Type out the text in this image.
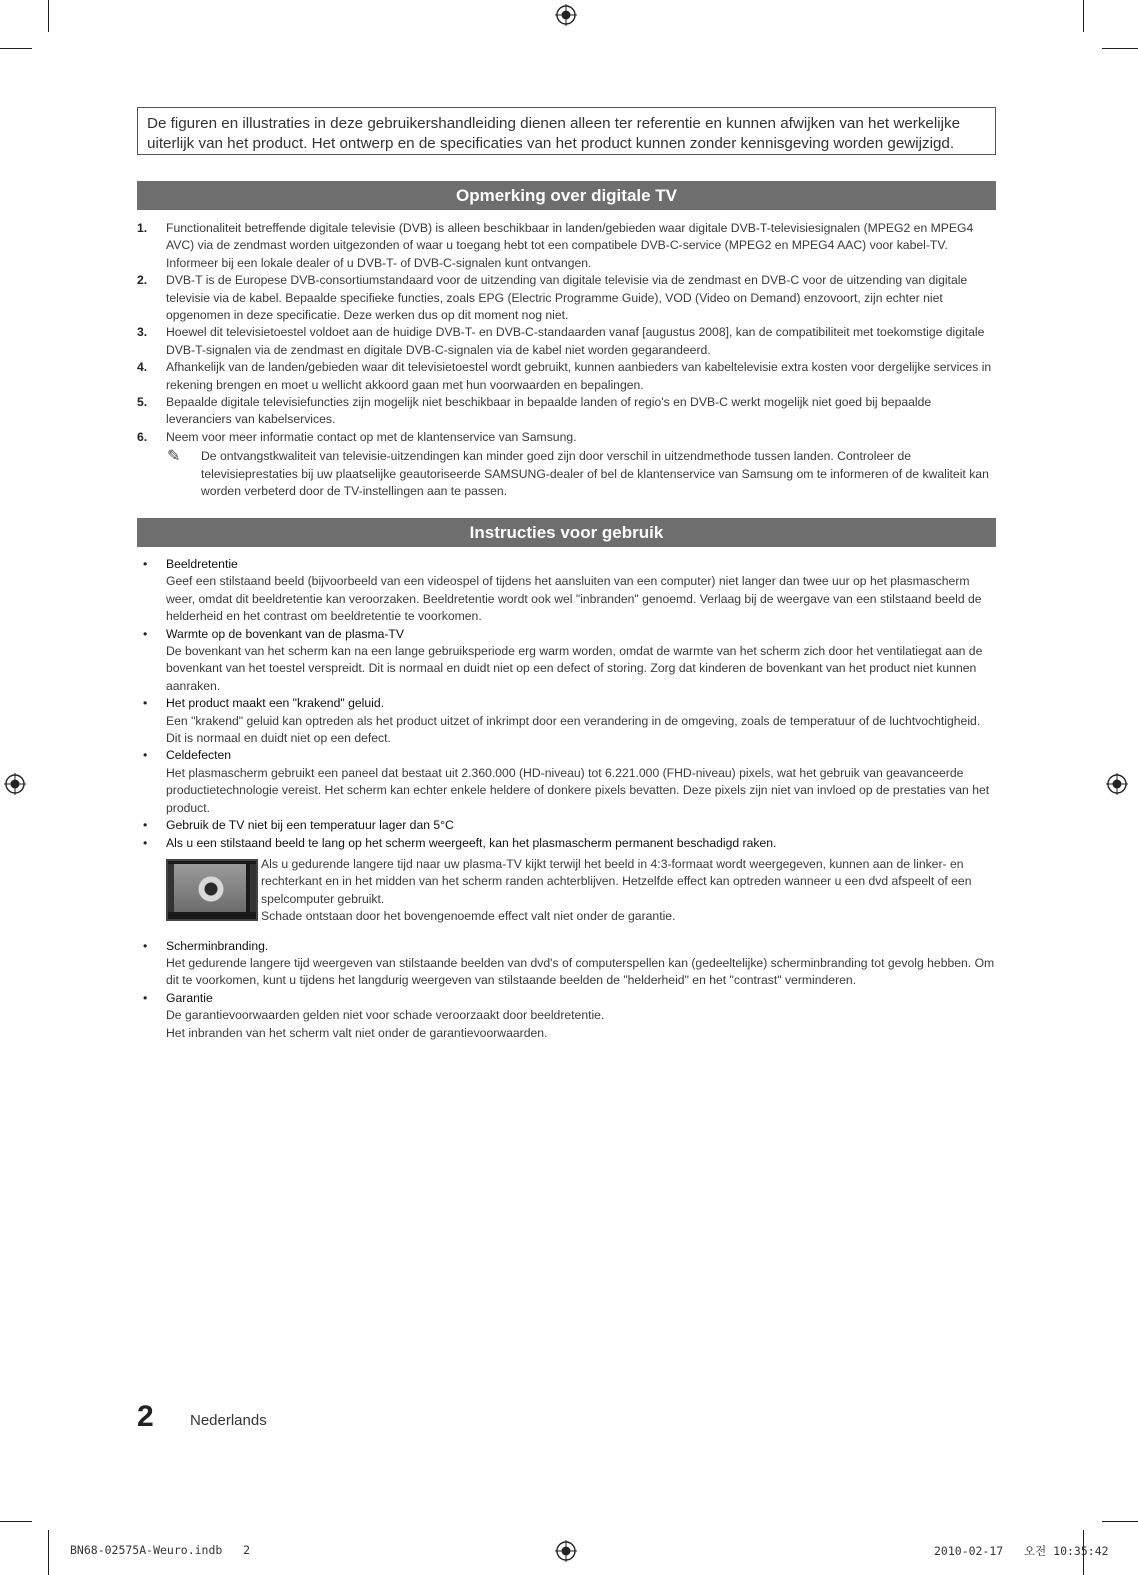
De figuren en illustraties in deze gebruikershandleiding dienen alleen ter referentie en kunnen afwijken van het werkelijke uiterlijk van het product. Het ontwerp en de specificaties van het product kunnen zonder kennisgeving worden gewijzigd.
Opmerking over digitale TV
1. Functionaliteit betreffende digitale televisie (DVB) is alleen beschikbaar in landen/gebieden waar digitale DVB-T-televisiesignalen (MPEG2 en MPEG4 AVC) via de zendmast worden uitgezonden of waar u toegang hebt tot een compatibele DVB-C-service (MPEG2 en MPEG4 AAC) voor kabel-TV. Informeer bij een lokale dealer of u DVB-T- of DVB-C-signalen kunt ontvangen.
2. DVB-T is de Europese DVB-consortiumstandaard voor de uitzending van digitale televisie via de zendmast en DVB-C voor de uitzending van digitale televisie via de kabel. Bepaalde specifieke functies, zoals EPG (Electric Programme Guide), VOD (Video on Demand) enzovoort, zijn echter niet opgenomen in deze specificatie. Deze werken dus op dit moment nog niet.
3. Hoewel dit televisietoestel voldoet aan de huidige DVB-T- en DVB-C-standaarden vanaf [augustus 2008], kan de compatibiliteit met toekomstige digitale DVB-T-signalen via de zendmast en digitale DVB-C-signalen via de kabel niet worden gegarandeerd.
4. Afhankelijk van de landen/gebieden waar dit televisietoestel wordt gebruikt, kunnen aanbieders van kabeltelevisie extra kosten voor dergelijke services in rekening brengen en moet u wellicht akkoord gaan met hun voorwaarden en bepalingen.
5. Bepaalde digitale televisiefuncties zijn mogelijk niet beschikbaar in bepaalde landen of regio's en DVB-C werkt mogelijk niet goed bij bepaalde leveranciers van kabelservices.
6. Neem voor meer informatie contact op met de klantenservice van Samsung.
✎ De ontvangstkwaliteit van televisie-uitzendingen kan minder goed zijn door verschil in uitzendmethode tussen landen. Controleer de televisieprestaties bij uw plaatselijke geautoriseerde SAMSUNG-dealer of bel de klantenservice van Samsung om te informeren of de kwaliteit kan worden verbeterd door de TV-instellingen aan te passen.
Instructies voor gebruik
• Beeldretentie
Geef een stilstaand beeld (bijvoorbeeld van een videospel of tijdens het aansluiten van een computer) niet langer dan twee uur op het plasmascherm weer, omdat dit beeldretentie kan veroorzaken. Beeldretentie wordt ook wel "inbranden" genoemd. Verlaag bij de weergave van een stilstaand beeld de helderheid en het contrast om beeldretentie te voorkomen.
• Warmte op de bovenkant van de plasma-TV
De bovenkant van het scherm kan na een lange gebruiksperiode erg warm worden, omdat de warmte van het scherm zich door het ventilatiegat aan de bovenkant van het toestel verspreidt. Dit is normaal en duidt niet op een defect of storing. Zorg dat kinderen de bovenkant van het product niet kunnen aanraken.
• Het product maakt een "krakend" geluid.
Een "krakend" geluid kan optreden als het product uitzet of inkrimpt door een verandering in de omgeving, zoals de temperatuur of de luchtvochtigheid. Dit is normaal en duidt niet op een defect.
• Celdefecten
Het plasmascherm gebruikt een paneel dat bestaat uit 2.360.000 (HD-niveau) tot 6.221.000 (FHD-niveau) pixels, wat het gebruik van geavanceerde productietechnologie vereist. Het scherm kan echter enkele heldere of donkere pixels bevatten. Deze pixels zijn niet van invloed op de prestaties van het product.
• Gebruik de TV niet bij een temperatuur lager dan 5°C
• Als u een stilstaand beeld te lang op het scherm weergeeft, kan het plasmascherm permanent beschadigd raken.
Als u gedurende langere tijd naar uw plasma-TV kijkt terwijl het beeld in 4:3-formaat wordt weergegeven, kunnen aan de linker- en rechterkant en in het midden van het scherm randen achterblijven. Hetzelfde effect kan optreden wanneer u een dvd afspeelt of een spelcomputer gebruikt.
Schade ontstaan door het bovengenoemde effect valt niet onder de garantie.
• Scherminbranding.
Het gedurende langere tijd weergeven van stilstaande beelden van dvd's of computerspellen kan (gedeeltelijke) scherminbranding tot gevolg hebben. Om dit te voorkomen, kunt u tijdens het langdurig weergeven van stilstaande beelden de "helderheid" en het "contrast" verminderen.
• Garantie
De garantievoorwaarden gelden niet voor schade veroorzaakt door beeldretentie.
Het inbranden van het scherm valt niet onder de garantievoorwaarden.
2 Nederlands
BN68-02575A-Weuro.indb   2	2010-02-17   오전 10:35:42
